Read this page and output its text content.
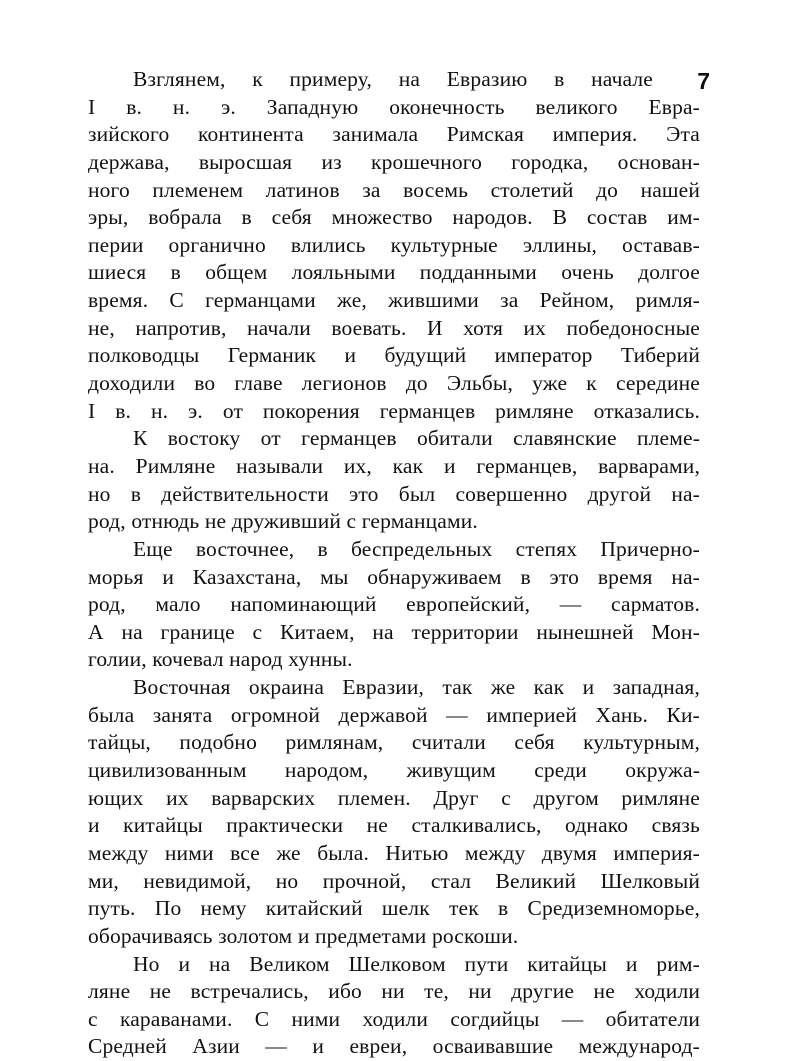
7
Взглянем, к примеру, на Евразию в начале
I в. н. э. Западную оконечность великого Евра-
зийского континента занимала Римская империя. Эта
держава, выросшая из крошечного городка, основан-
ного племенем латинов за восемь столетий до нашей
эры, вобрала в себя множество народов. В состав им-
перии органично влились культурные эллины, оставав-
шиеся в общем лояльными подданными очень долгое
время. С германцами же, жившими за Рейном, римля-
не, напротив, начали воевать. И хотя их победоносные
полководцы Германик и будущий император Тиберий
доходили во главе легионов до Эльбы, уже к середине
I в. н. э. от покорения германцев римляне отказались.
К востоку от германцев обитали славянские племе-
на. Римляне называли их, как и германцев, варварами,
но в действительности это был совершенно другой на-
род, отнюдь не друживший с германцами.
Еще восточнее, в беспредельных степях Причерно-
морья и Казахстана, мы обнаруживаем в это время на-
род, мало напоминающий европейский, — сарматов.
А на границе с Китаем, на территории нынешней Мон-
голии, кочевал народ хунны.
Восточная окраина Евразии, так же как и западная,
была занята огромной державой — империей Хань. Ки-
тайцы, подобно римлянам, считали себя культурным,
цивилизованным народом, живущим среди окружа-
ющих их варварских племен. Друг с другом римляне
и китайцы практически не сталкивались, однако связь
между ними все же была. Нитью между двумя империя-
ми, невидимой, но прочной, стал Великий Шелковый
путь. По нему китайский шелк тек в Средиземноморье,
оборачиваясь золотом и предметами роскоши.
Но и на Великом Шелковом пути китайцы и рим-
ляне не встречались, ибо ни те, ни другие не ходили
с караванами. С ними ходили согдийцы — обитатели
Средней Азии — и евреи, осваивавшие международ-
